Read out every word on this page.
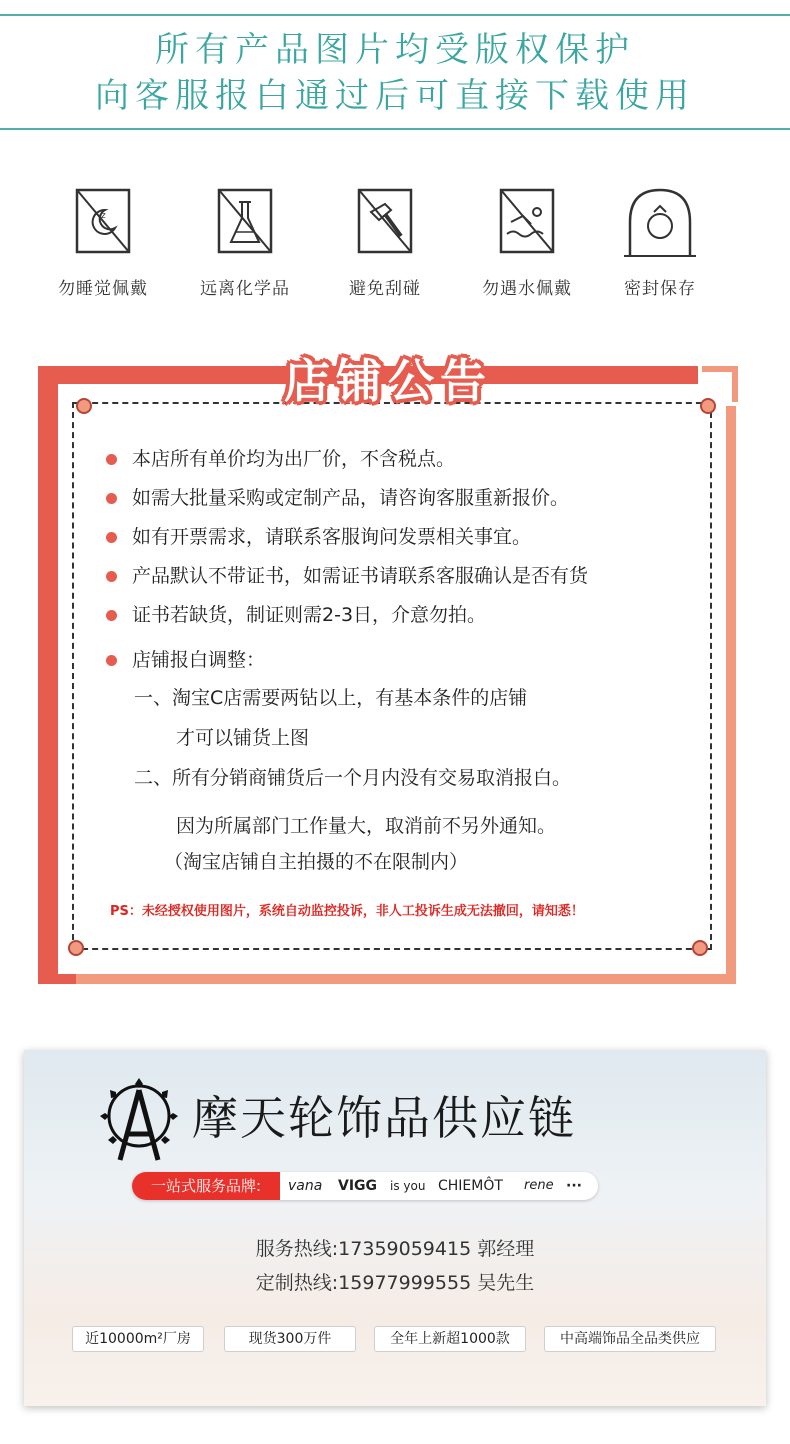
所有产品图片均受版权保护
向客服报白通过后可直接下载使用
z
勿睡觉佩戴	远离化学品	避免刮碰	勿遇水佩戴	密封保存
店铺公告
本店所有单价均为出厂价，不含税点。
如需大批量采购或定制产品，请咨询客服重新报价。
如有开票需求，请联系客服询问发票相关事宜。
产品默认不带证书，如需证书请联系客服确认是否有货
证书若缺货，制证则需2-3日，介意勿拍。
店铺报白调整：
一、淘宝C店需要两钻以上，有基本条件的店铺
才可以铺货上图
二、所有分销商铺货后一个月内没有交易取消报白。
因为所属部门工作量大，取消前不另外通知。
（淘宝店铺自主拍摄的不在限制内）
PS：未经授权使用图片，系统自动监控投诉，非人工投诉生成无法撤回，请知悉！
摩天轮饰品供应链
一站式服务品牌:	vana VIGG is you CHIEMÔT rene ···
服务热线:17359059415 郭经理
定制热线:15977999555 吴先生
近10000m²厂房	现货300万件	全年上新超1000款	中高端饰品全品类供应
